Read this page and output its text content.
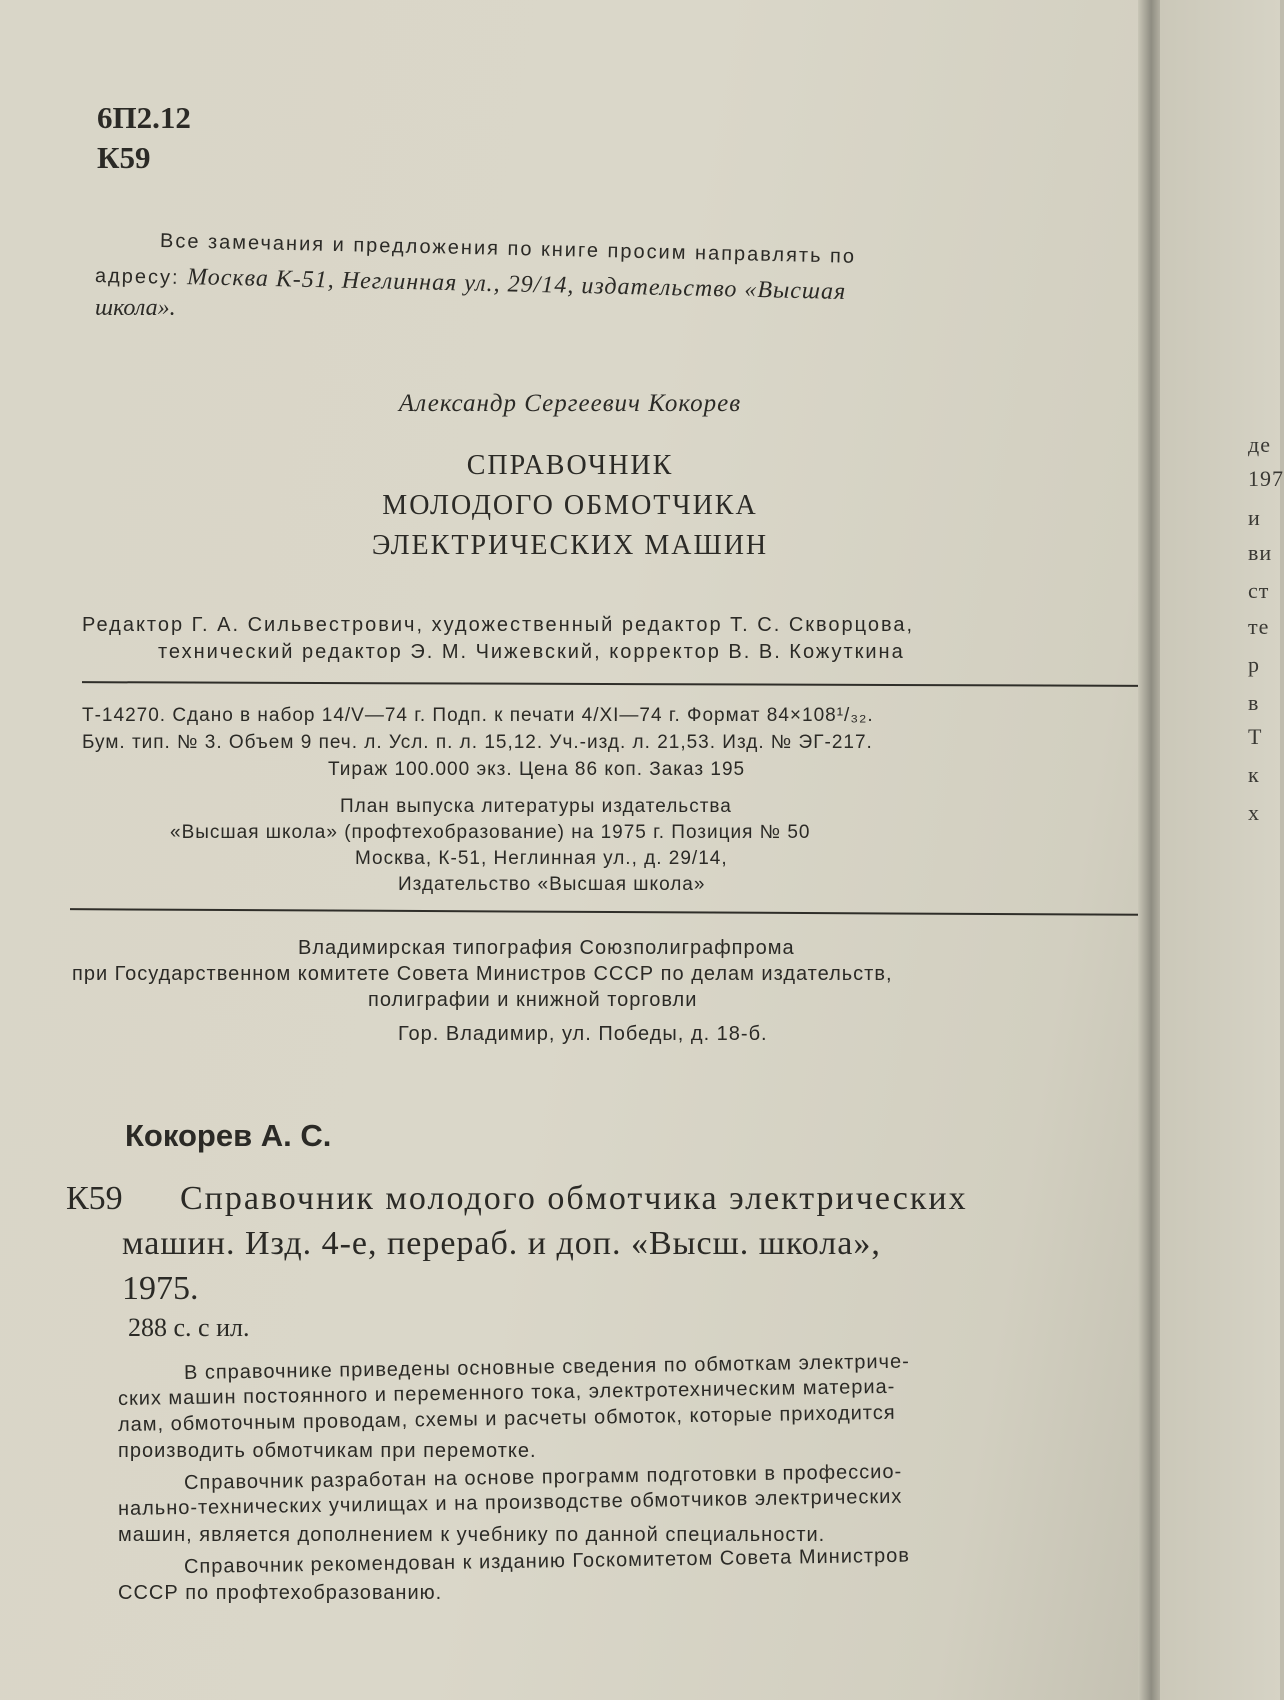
6П2.12
К59
Все замечания и предложения по книге просим направлять по
адресу: Москва К-51, Неглинная ул., 29/14, издательство «Высшая
школа».
Александр Сергеевич Кокорев
СПРАВОЧНИК
МОЛОДОГО ОБМОТЧИКА
ЭЛЕКТРИЧЕСКИХ МАШИН
Редактор Г. А. Сильвестрович, художественный редактор Т. С. Скворцова,
технический редактор Э. М. Чижевский, корректор В. В. Кожуткина
Т-14270. Сдано в набор 14/V—74 г. Подп. к печати 4/XI—74 г. Формат 84×108¹/₃₂.
Бум. тип. № 3. Объем 9 печ. л. Усл. п. л. 15,12. Уч.-изд. л. 21,53. Изд. № ЭГ-217.
Тираж 100.000 экз. Цена 86 коп. Заказ 195
План выпуска литературы издательства
«Высшая школа» (профтехобразование) на 1975 г. Позиция № 50
Москва, К-51, Неглинная ул., д. 29/14,
Издательство «Высшая школа»
Владимирская типография Союзполиграфпрома
при Государственном комитете Совета Министров СССР по делам издательств,
полиграфии и книжной торговли
Гор. Владимир, ул. Победы, д. 18-б.
Кокорев А. С.
К59 Справочник молодого обмотчика электрических
машин. Изд. 4-е, перераб. и доп. «Высш. школа»,
1975.
288 с. с ил.
В справочнике приведены основные сведения по обмоткам электриче-
ских машин постоянного и переменного тока, электротехническим материа-
лам, обмоточным проводам, схемы и расчеты обмоток, которые приходится
производить обмотчикам при перемотке.
Справочник разработан на основе программ подготовки в профессио-
нально-технических училищах и на производстве обмотчиков электрических
машин, является дополнением к учебнику по данной специальности.
Справочник рекомендован к изданию Госкомитетом Совета Министров
СССР по профтехобразованию.
де
197
и
ви
ст
те
р
в
Т
к
х
